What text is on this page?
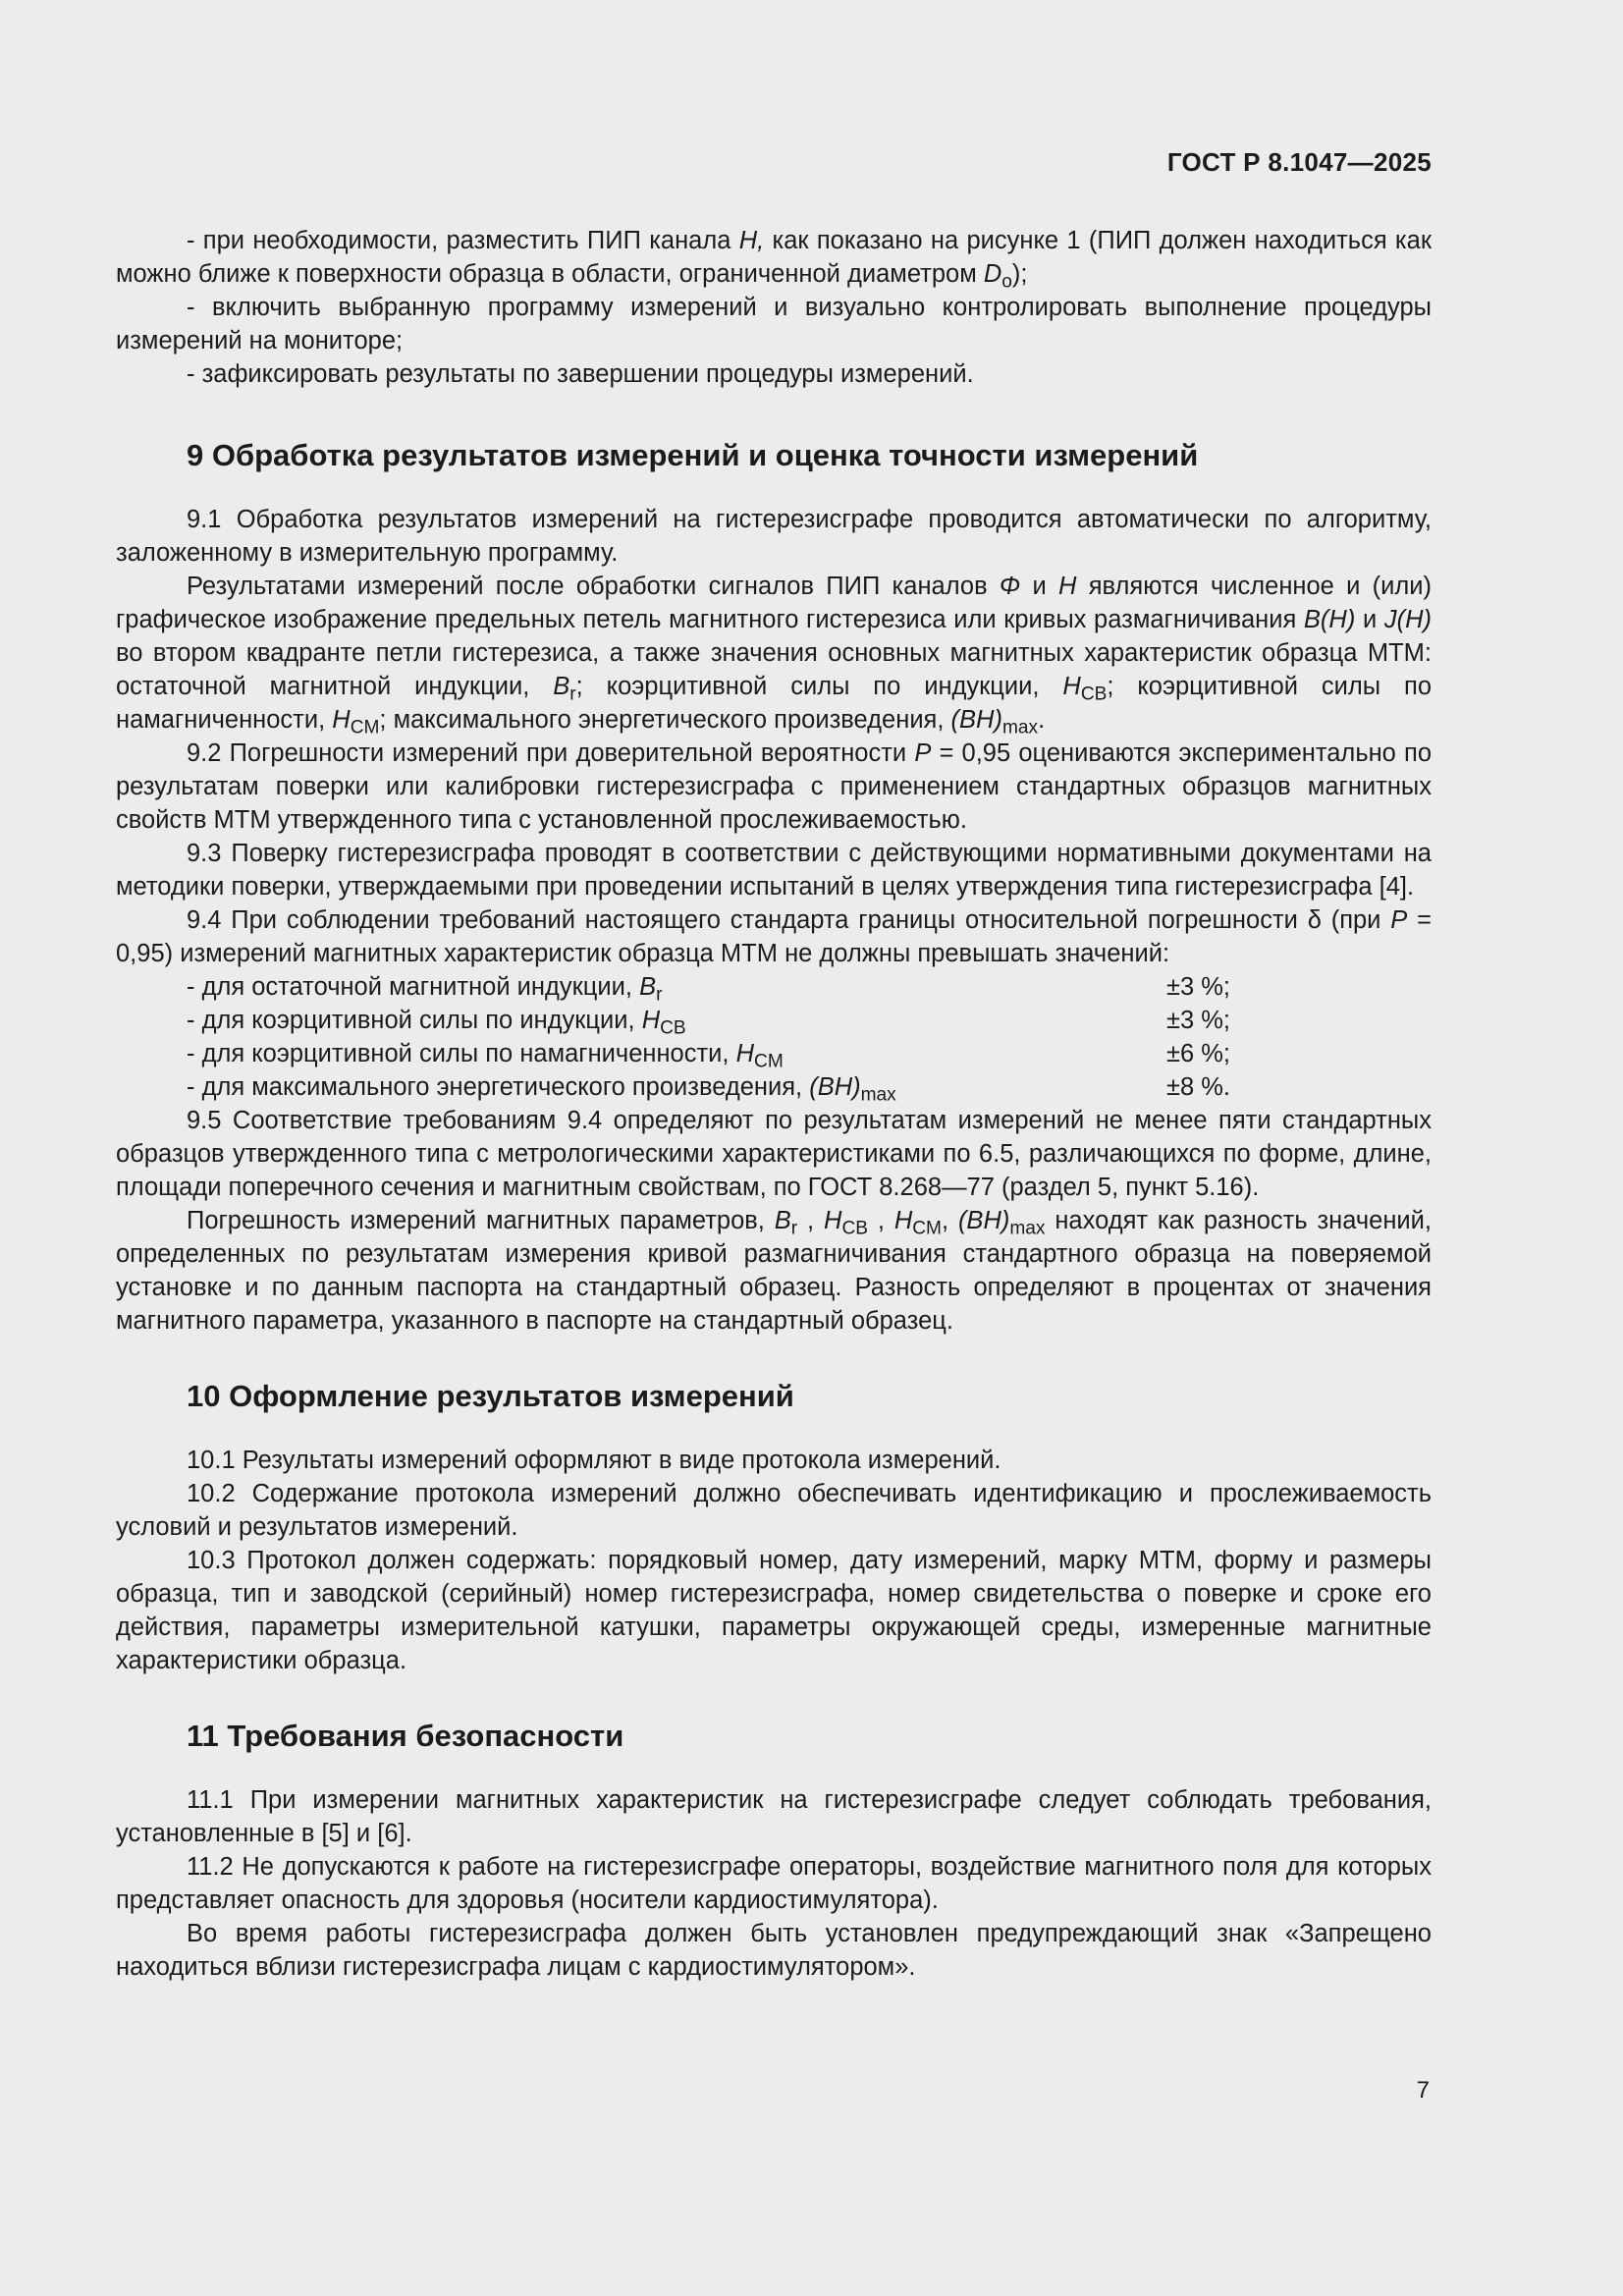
ГОСТ Р 8.1047—2025

- при необходимости, разместить ПИП канала H, как показано на рисунке 1 (ПИП должен находиться как можно ближе к поверхности образца в области, ограниченной диаметром $D_o$);

- включить выбранную программу измерений и визуально контролировать выполнение процедуры измерений на мониторе;

- зафиксировать результаты по завершении процедуры измерений.

9 Обработка результатов измерений и оценка точности измерений

9.1 Обработка результатов измерений на гистерезисграфе проводится автоматически по алгоритму, заложенному в измерительную программу.

Результатами измерений после обработки сигналов ПИП каналов Φ и H являются численное и (или) графическое изображение предельных петель магнитного гистерезиса или кривых размагничивания B(H) и J(H) во втором квадранте петли гистерезиса, а также значения основных магнитных характеристик образца МТМ: остаточной магнитной индукции, $B_r$; коэрцитивной силы по индукции, $H_{CB}$; коэрцитивной силы по намагниченности, $H_{CM}$; максимального энергетического произведения, $(BH)_{max}$.

9.2 Погрешности измерений при доверительной вероятности P = 0,95 оцениваются экспериментально по результатам поверки или калибровки гистерезисграфа с применением стандартных образцов магнитных свойств МТМ утвержденного типа с установленной прослеживаемостью.

9.3 Поверку гистерезисграфа проводят в соответствии с действующими нормативными документами на методики поверки, утверждаемыми при проведении испытаний в целях утверждения типа гистерезисграфа [4].

9.4 При соблюдении требований настоящего стандарта границы относительной погрешности δ (при P = 0,95) измерений магнитных характеристик образца МТМ не должны превышать значений:

- для остаточной магнитной индукции, $B_r$	±3 %;
- для коэрцитивной силы по индукции, $H_{CB}$	±3 %;
- для коэрцитивной силы по намагниченности, $H_{CM}$	±6 %;
- для максимального энергетического произведения, $(BH)_{max}$	±8 %.

9.5 Соответствие требованиям 9.4 определяют по результатам измерений не менее пяти стандартных образцов утвержденного типа с метрологическими характеристиками по 6.5, различающихся по форме, длине, площади поперечного сечения и магнитным свойствам, по ГОСТ 8.268—77 (раздел 5, пункт 5.16).

Погрешность измерений магнитных параметров, $B_r$ , $H_{CB}$ , $H_{CM}$, $(BH)_{max}$ находят как разность значений, определенных по результатам измерения кривой размагничивания стандартного образца на поверяемой установке и по данным паспорта на стандартный образец. Разность определяют в процентах от значения магнитного параметра, указанного в паспорте на стандартный образец.

10 Оформление результатов измерений

10.1 Результаты измерений оформляют в виде протокола измерений.

10.2 Содержание протокола измерений должно обеспечивать идентификацию и прослеживаемость условий и результатов измерений.

10.3 Протокол должен содержать: порядковый номер, дату измерений, марку МТМ, форму и размеры образца, тип и заводской (серийный) номер гистерезисграфа, номер свидетельства о поверке и сроке его действия, параметры измерительной катушки, параметры окружающей среды, измеренные магнитные характеристики образца.

11 Требования безопасности

11.1 При измерении магнитных характеристик на гистерезисграфе следует соблюдать требования, установленные в [5] и [6].

11.2 Не допускаются к работе на гистерезисграфе операторы, воздействие магнитного поля для которых представляет опасность для здоровья (носители кардиостимулятора).

Во время работы гистерезисграфа должен быть установлен предупреждающий знак «Запрещено находиться вблизи гистерезисграфа лицам с кардиостимулятором».

7
